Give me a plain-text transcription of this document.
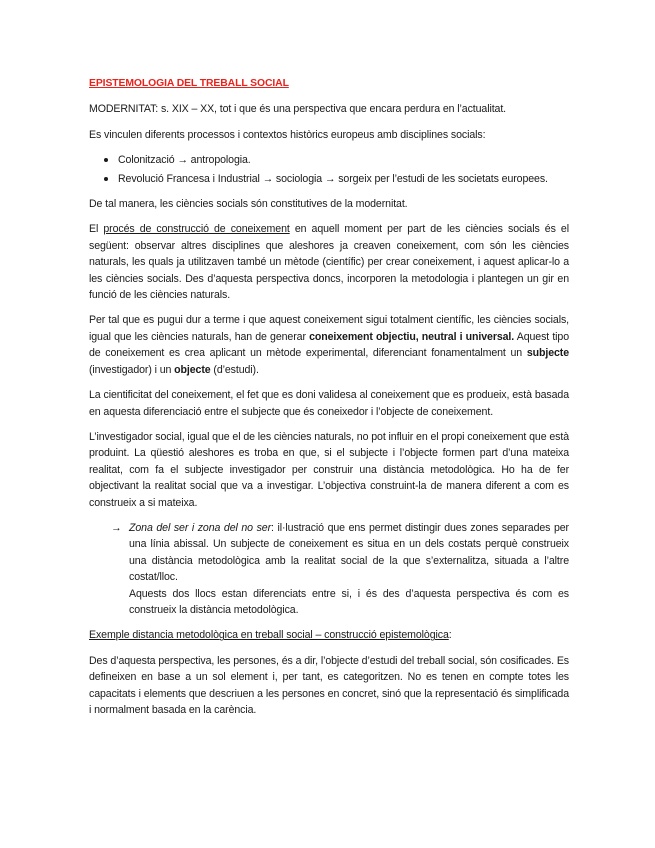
EPISTEMOLOGIA DEL TREBALL SOCIAL

MODERNITAT: s. XIX – XX, tot i que és una perspectiva que encara perdura en l’actualitat.

Es vinculen diferents processos i contextos històrics europeus amb disciplines socials:

Colonització → antropologia.
Revolució Francesa i Industrial → sociologia → sorgeix per l’estudi de les societats europees.

De tal manera, les ciències socials són constitutives de la modernitat.

El procés de construcció de coneixement en aquell moment per part de les ciències socials és el següent: observar altres disciplines que aleshores ja creaven coneixement, com són les ciències naturals, les quals ja utilitzaven també un mètode (científic) per crear coneixement, i aquest aplicar-lo a les ciències socials. Des d’aquesta perspectiva doncs, incorporen la metodologia i plantegen un gir en funció de les ciències naturals.

Per tal que es pugui dur a terme i que aquest coneixement sigui totalment científic, les ciències socials, igual que les ciències naturals, han de generar coneixement objectiu, neutral i universal. Aquest tipo de coneixement es crea aplicant un mètode experimental, diferenciant fonamentalment un subjecte (investigador) i un objecte (d’estudi).

La cientificitat del coneixement, el fet que es doni validesa al coneixement que es produeix, està basada en aquesta diferenciació entre el subjecte que és coneixedor i l’objecte de coneixement.

L’investigador social, igual que el de les ciències naturals, no pot influir en el propi coneixement que està produint. La qüestió aleshores es troba en que, si el subjecte i l’objecte formen part d’una mateixa realitat, com fa el subjecte investigador per construir una distància metodològica. Ho ha de fer objectivant la realitat social que va a investigar. L’objectiva construint-la de manera diferent a com es construeix a si mateixa.

→ Zona del ser i zona del no ser: il·lustració que ens permet distingir dues zones separades per una línia abissal. Un subjecte de coneixement es situa en un dels costats perquè construeix una distància metodològica amb la realitat social de la que s’externalitza, situada a l’altre costat/lloc.

Aquests dos llocs estan diferenciats entre si, i és des d’aquesta perspectiva és com es construeix la distància metodològica.

Exemple distancia metodològica en treball social – construcció epistemològica:

Des d’aquesta perspectiva, les persones, és a dir, l’objecte d’estudi del treball social, són cosificades. Es defineixen en base a un sol element i, per tant, es categoritzen. No es tenen en compte totes les capacitats i elements que descriuen a les persones en concret, sinó que la representació és simplificada i normalment basada en la carència.
